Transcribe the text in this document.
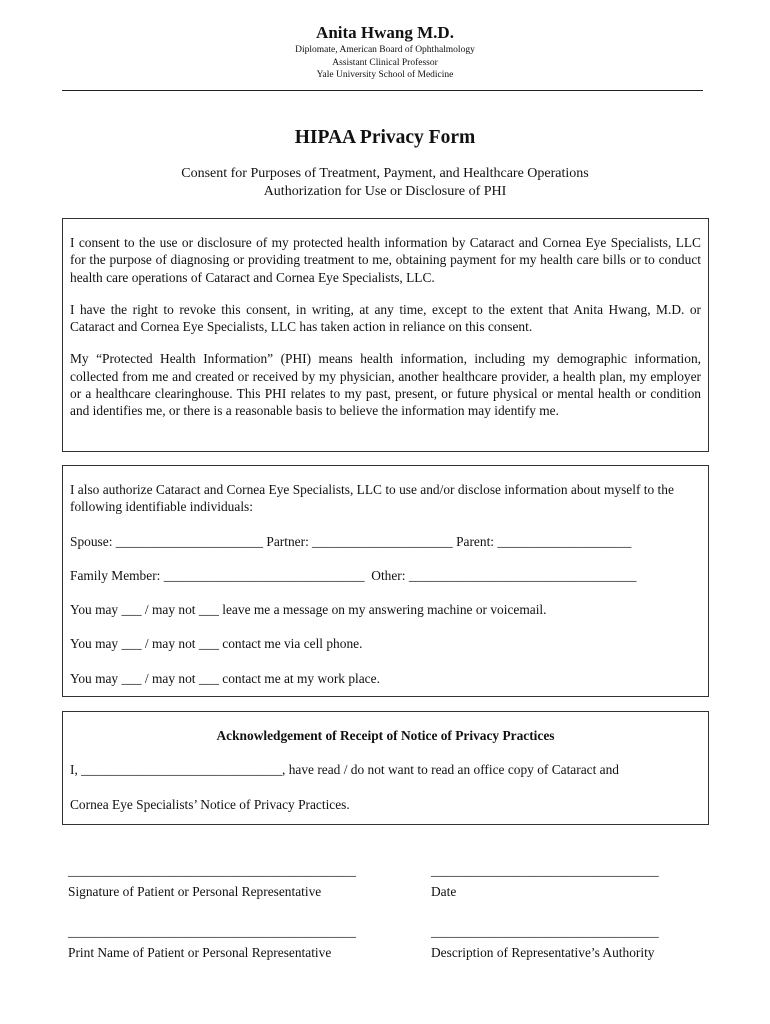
Anita Hwang M.D.
Diplomate, American Board of Ophthalmology
Assistant Clinical Professor
Yale University School of Medicine
HIPAA Privacy Form
Consent for Purposes of Treatment, Payment, and Healthcare Operations
Authorization for Use or Disclosure of PHI

I consent to the use or disclosure of my protected health information by Cataract and Cornea Eye Specialists, LLC for the purpose of diagnosing or providing treatment to me, obtaining payment for my health care bills or to conduct health care operations of Cataract and Cornea Eye Specialists, LLC.

I have the right to revoke this consent, in writing, at any time, except to the extent that Anita Hwang, M.D. or Cataract and Cornea Eye Specialists, LLC has taken action in reliance on this consent.

My “Protected Health Information” (PHI) means health information, including my demographic information, collected from me and created or received by my physician, another healthcare provider, a health plan, my employer or a healthcare clearinghouse. This PHI relates to my past, present, or future physical or mental health or condition and identifies me, or there is a reasonable basis to believe the information may identify me.

I also authorize Cataract and Cornea Eye Specialists, LLC to use and/or disclose information about myself to the following identifiable individuals:

Spouse: ______________________ Partner: _____________________ Parent: ____________________

Family Member: ______________________________  Other: __________________________________

You may ___ / may not ___ leave me a message on my answering machine or voicemail.

You may ___ / may not ___ contact me via cell phone.

You may ___ / may not ___ contact me at my work place.

Acknowledgement of Receipt of Notice of Privacy Practices

I, ______________________________, have read / do not want to read an office copy of Cataract and

Cornea Eye Specialists’ Notice of Privacy Practices.

___________________________________________
Signature of Patient or Personal Representative
__________________________________
Date
___________________________________________
Print Name of Patient or Personal Representative
__________________________________
Description of Representative’s Authority
